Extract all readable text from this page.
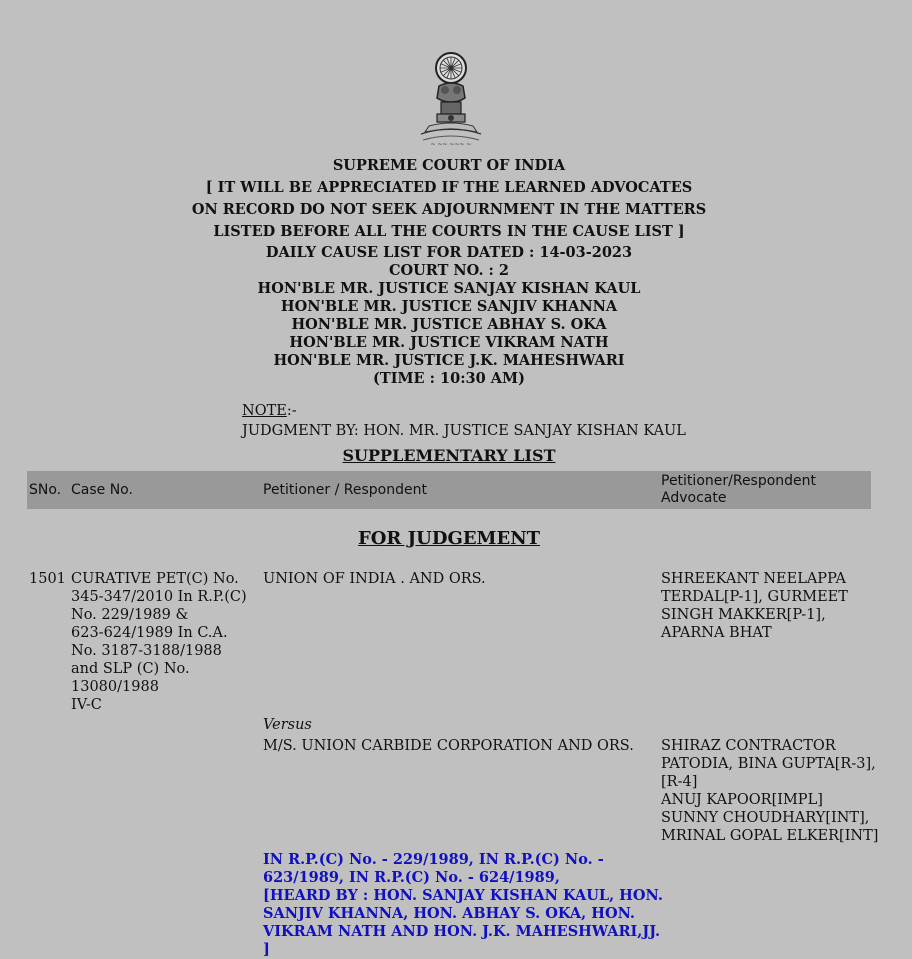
~ ~~ ~~~ ~
SUPREME COURT OF INDIA
[ IT WILL BE APPRECIATED IF THE LEARNED ADVOCATES
ON RECORD DO NOT SEEK ADJOURNMENT IN THE MATTERS
LISTED BEFORE ALL THE COURTS IN THE CAUSE LIST ]
DAILY CAUSE LIST FOR DATED : 14-03-2023
COURT NO. : 2
HON'BLE MR. JUSTICE SANJAY KISHAN KAUL
HON'BLE MR. JUSTICE SANJIV KHANNA
HON'BLE MR. JUSTICE ABHAY S. OKA
HON'BLE MR. JUSTICE VIKRAM NATH
HON'BLE MR. JUSTICE J.K. MAHESHWARI
(TIME : 10:30 AM)
NOTE:-
JUDGMENT BY: HON. MR. JUSTICE SANJAY KISHAN KAUL
SUPPLEMENTARY LIST
SNo. Case No.	Petitioner / Respondent
Petitioner/Respondent
Advocate
FOR JUDGEMENT
1501 CURATIVE PET(C) No.
345-347/2010 In R.P.(C)
No. 229/1989 &
623-624/1989 In C.A.
No. 3187-3188/1988
and SLP (C) No.
13080/1988
IV-C
UNION OF INDIA . AND ORS.	SHREEKANT NEELAPPA
TERDAL[P-1], GURMEET
SINGH MAKKER[P-1],
APARNA BHAT
Versus
M/S. UNION CARBIDE CORPORATION AND ORS. SHIRAZ CONTRACTOR
PATODIA, BINA GUPTA[R-3],
[R-4]
ANUJ KAPOOR[IMPL]
SUNNY CHOUDHARY[INT],
MRINAL GOPAL ELKER[INT]
IN R.P.(C) No. - 229/1989, IN R.P.(C) No. -
623/1989, IN R.P.(C) No. - 624/1989,
[HEARD BY : HON. SANJAY KISHAN KAUL, HON.
SANJIV KHANNA, HON. ABHAY S. OKA, HON.
VIKRAM NATH AND HON. J.K. MAHESHWARI,JJ.
]
